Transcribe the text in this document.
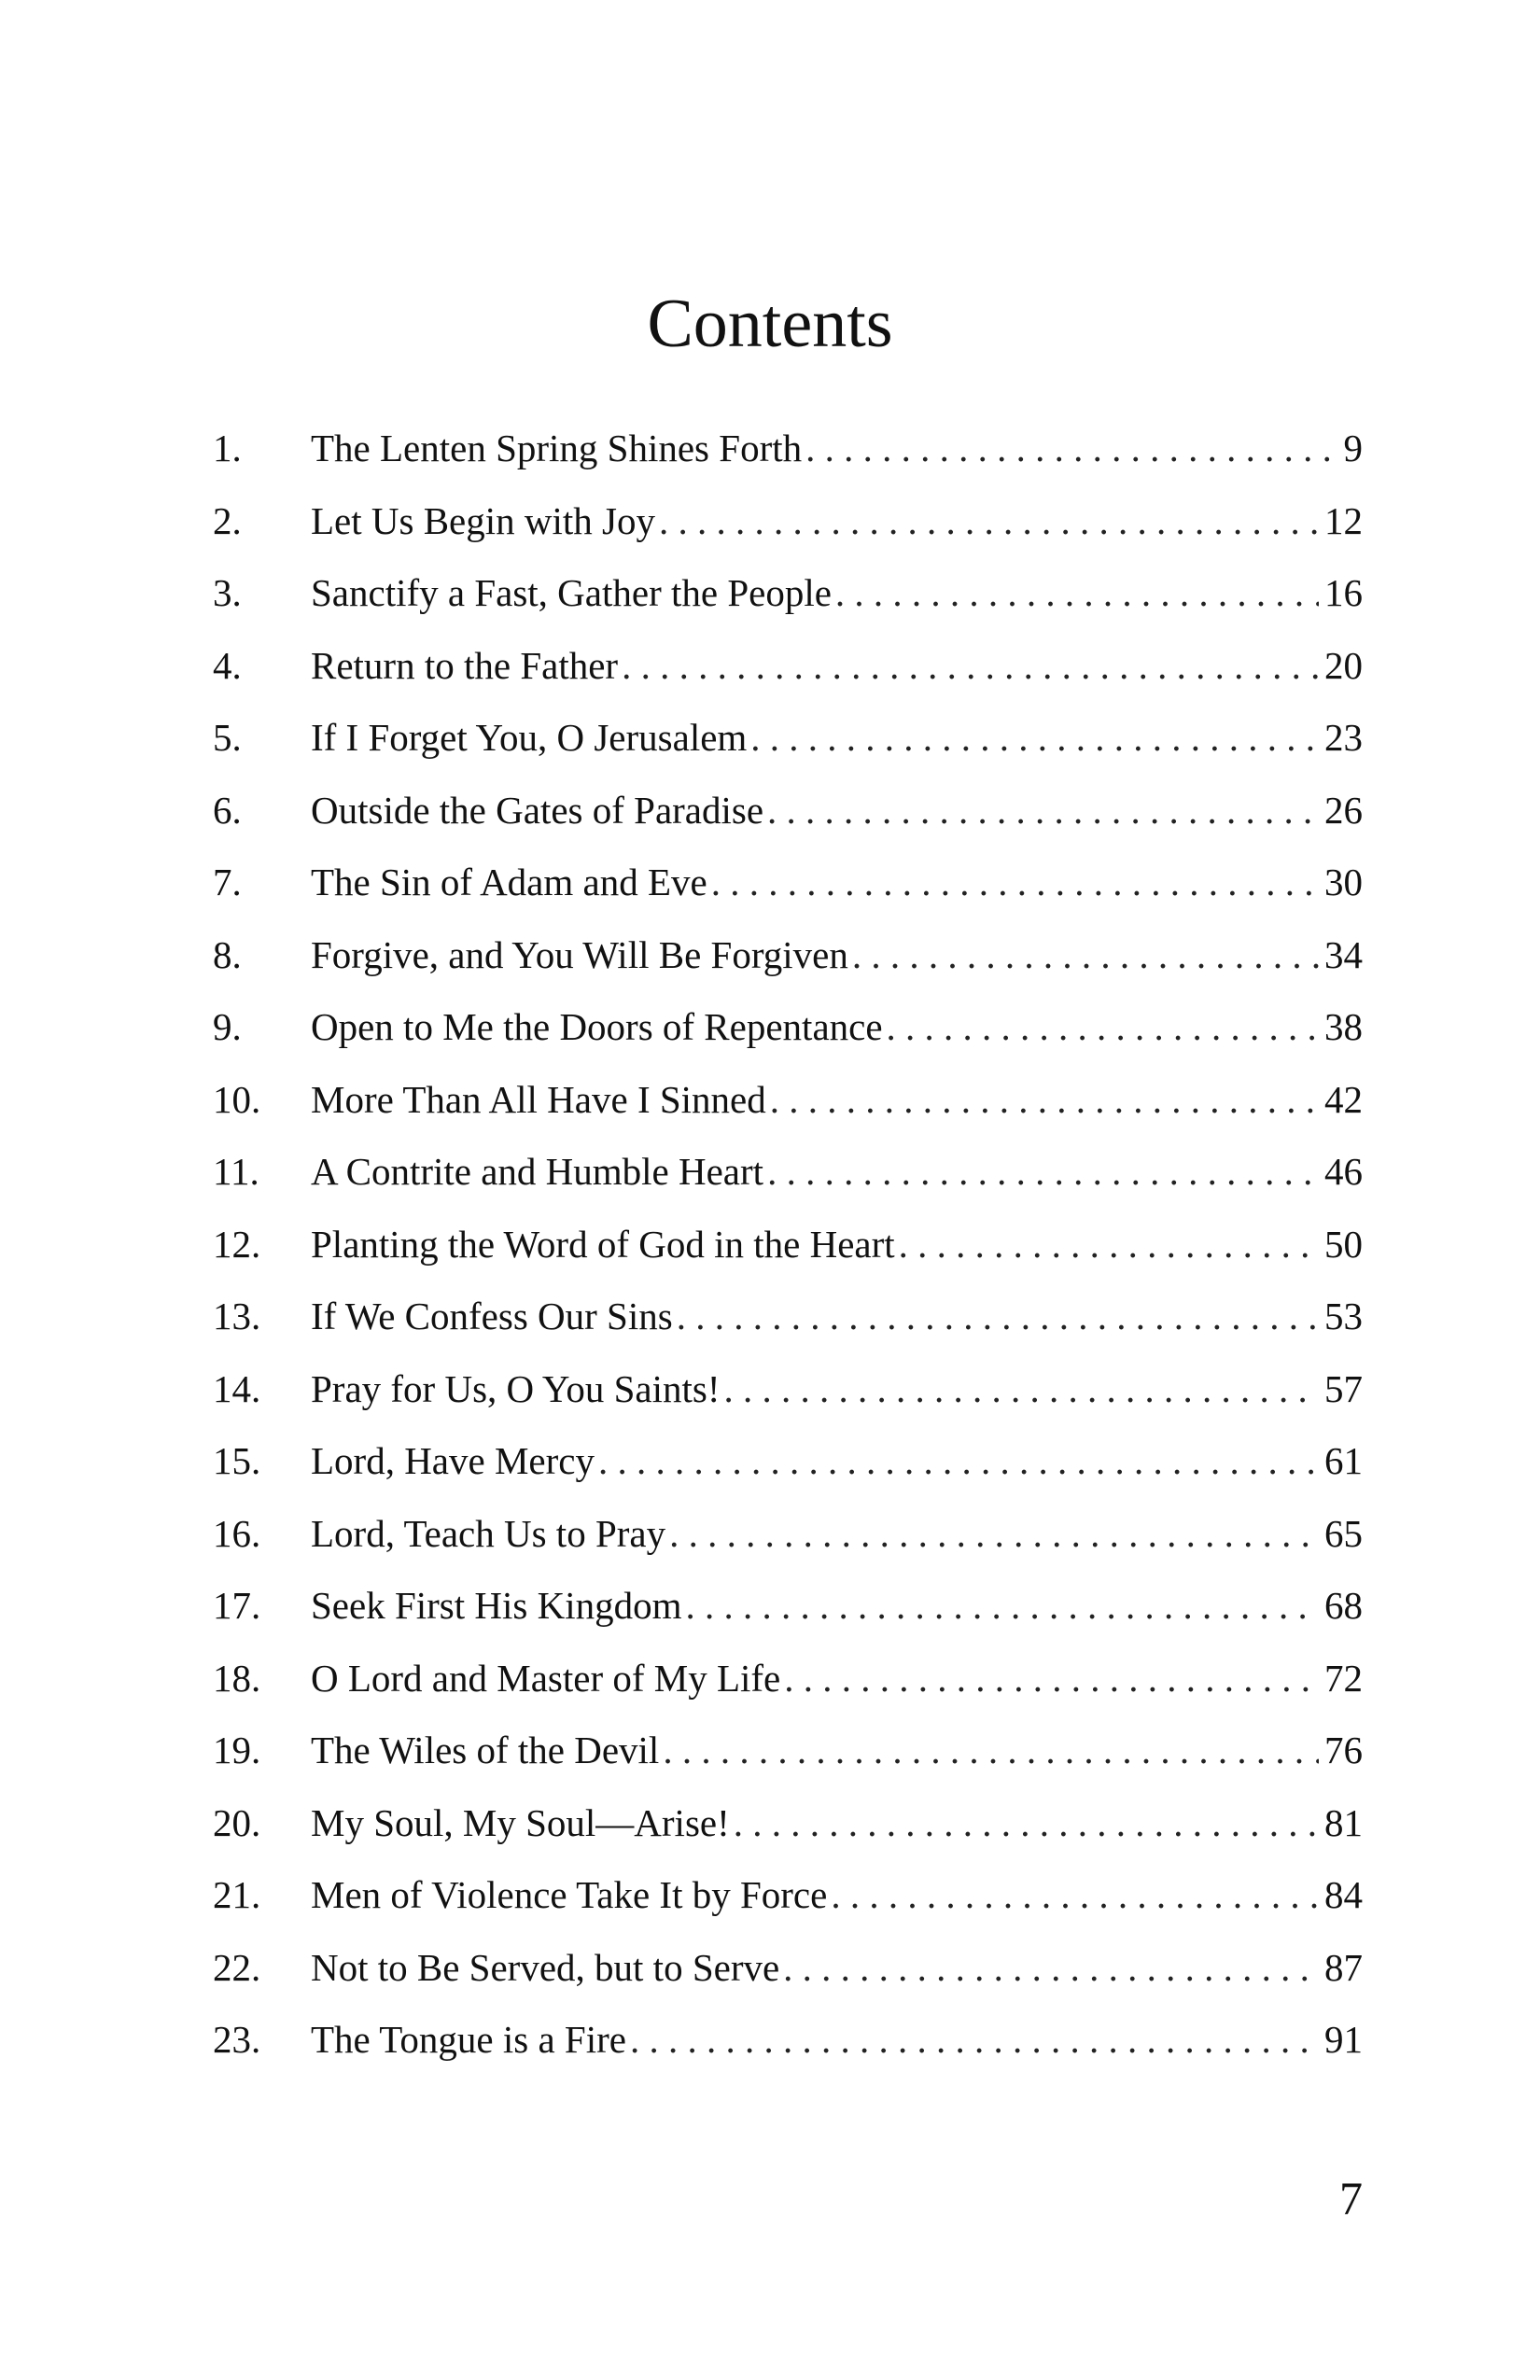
Contents
1.	The Lenten Spring Shines Forth . . .	9
2.	Let Us Begin with Joy . . .	12
3.	Sanctify a Fast, Gather the People . . .	16
4.	Return to the Father . . .	20
5.	If I Forget You, O Jerusalem . . .	23
6.	Outside the Gates of Paradise . . .	26
7.	The Sin of Adam and Eve . . .	30
8.	Forgive, and You Will Be Forgiven . . .	34
9.	Open to Me the Doors of Repentance . . .	38
10.	More Than All Have I Sinned . . .	42
11.	A Contrite and Humble Heart . . .	46
12.	Planting the Word of God in the Heart . . .	50
13.	If We Confess Our Sins . . .	53
14.	Pray for Us, O You Saints! . . .	57
15.	Lord, Have Mercy . . .	61
16.	Lord, Teach Us to Pray . . .	65
17.	Seek First His Kingdom . . .	68
18.	O Lord and Master of My Life . . .	72
19.	The Wiles of the Devil . . .	76
20.	My Soul, My Soul—Arise! . . .	81
21.	Men of Violence Take It by Force . . .	84
22.	Not to Be Served, but to Serve . . .	87
23.	The Tongue is a Fire . . .	91
7
